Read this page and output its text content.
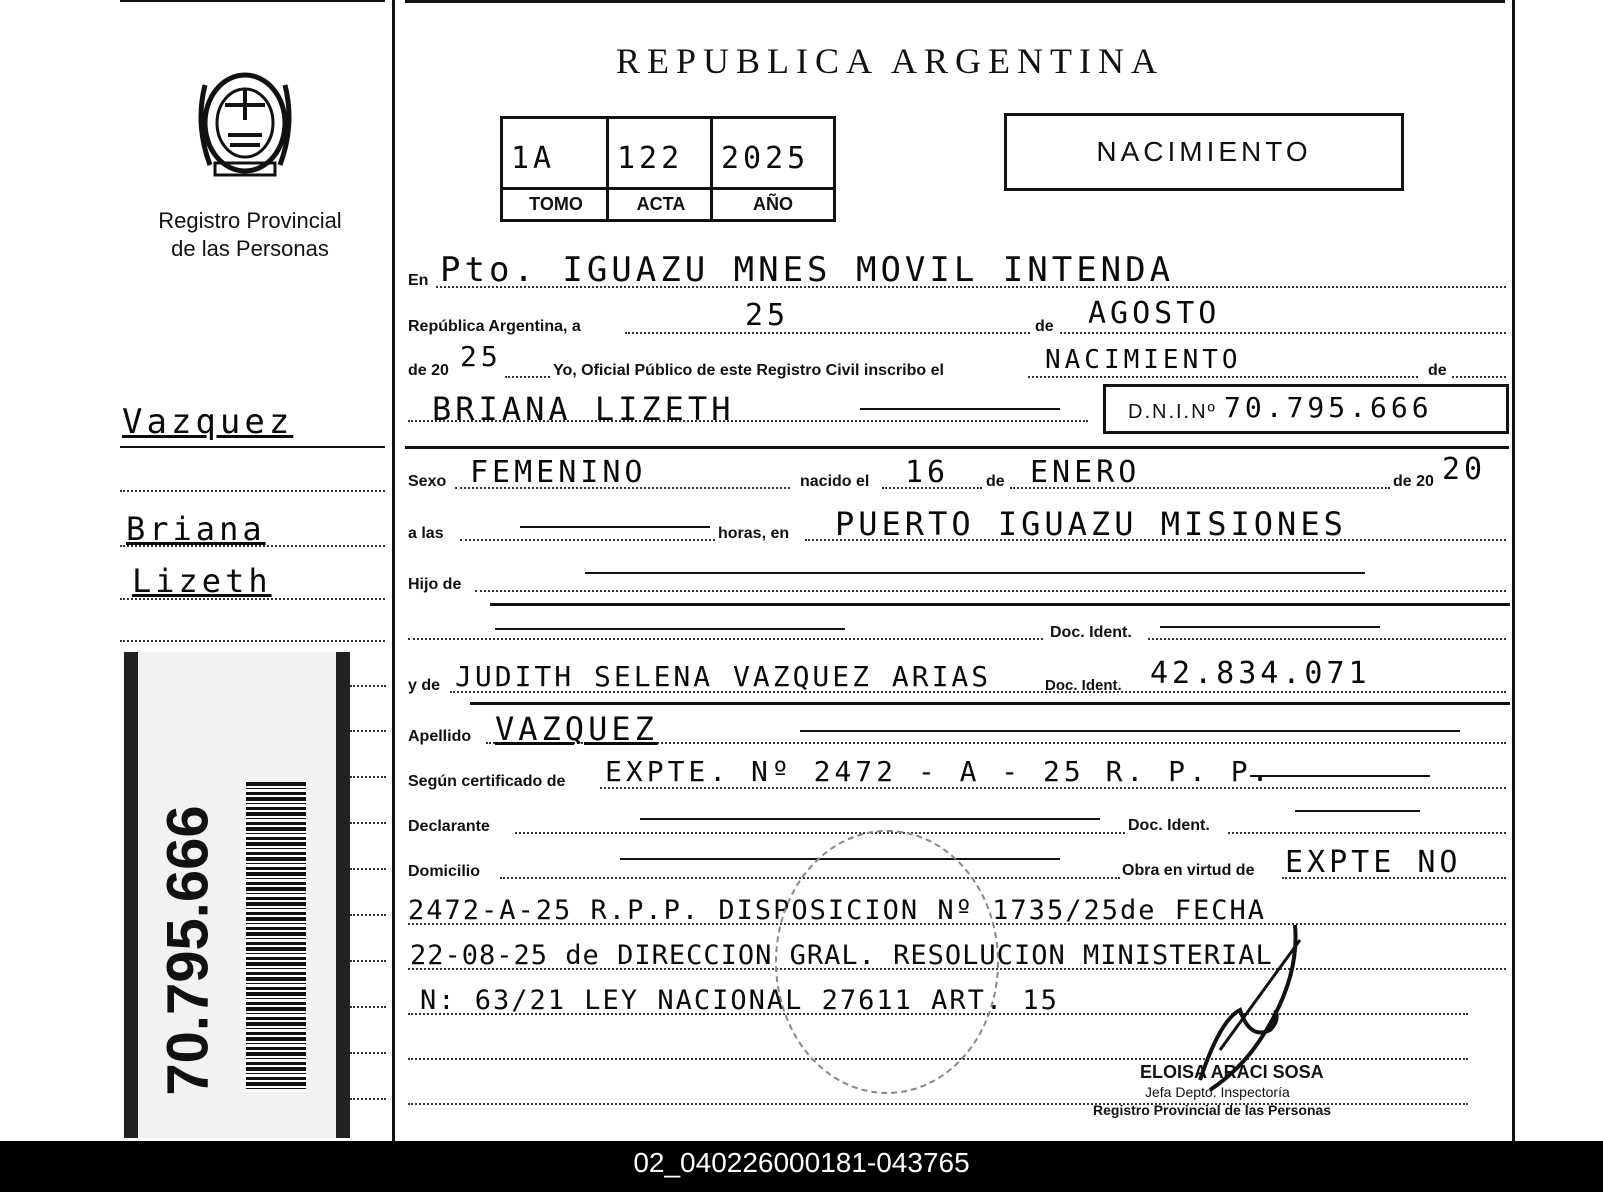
Registro Provincial
de las Personas
Vazquez
Briana
Lizeth
70.795.666
REPUBLICA ARGENTINA
1A 122 2025
TOMO	ACTA	AÑO
NACIMIENTO
En Pto. IGUAZU MNES MOVIL INTENDA
República Argentina, a	25	de AGOSTO
de 20 25	Yo, Oficial Público de este Registro Civil inscribo el	NACIMIENTO	de
BRIANA LIZETH	D.N.I.Nº 70.795.666
Sexo FEMENINO	nacido el 16 de ENERO	de 20 20
a las	horas, en PUERTO IGUAZU MISIONES
Hijo de
Doc. Ident.
y de JUDITH SELENA VAZQUEZ ARIAS	Doc. Ident. 42.834.071
Apellido VAZQUEZ
Según certificado de EXPTE. Nº 2472 - A - 25 R. P. P.
Declarante	Doc. Ident.
Domicilio	Obra en virtud de EXPTE NO
2472-A-25 R.P.P. DISPOSICION Nº 1735/25de FECHA
22-08-25 de DIRECCION GRAL. RESOLUCION MINISTERIAL
N: 63/21 LEY NACIONAL 27611 ART. 15
ELOISA ARACI SOSA
Jefa Depto. Inspectoría
Registro Provincial de las Personas
02_040226000181-043765
